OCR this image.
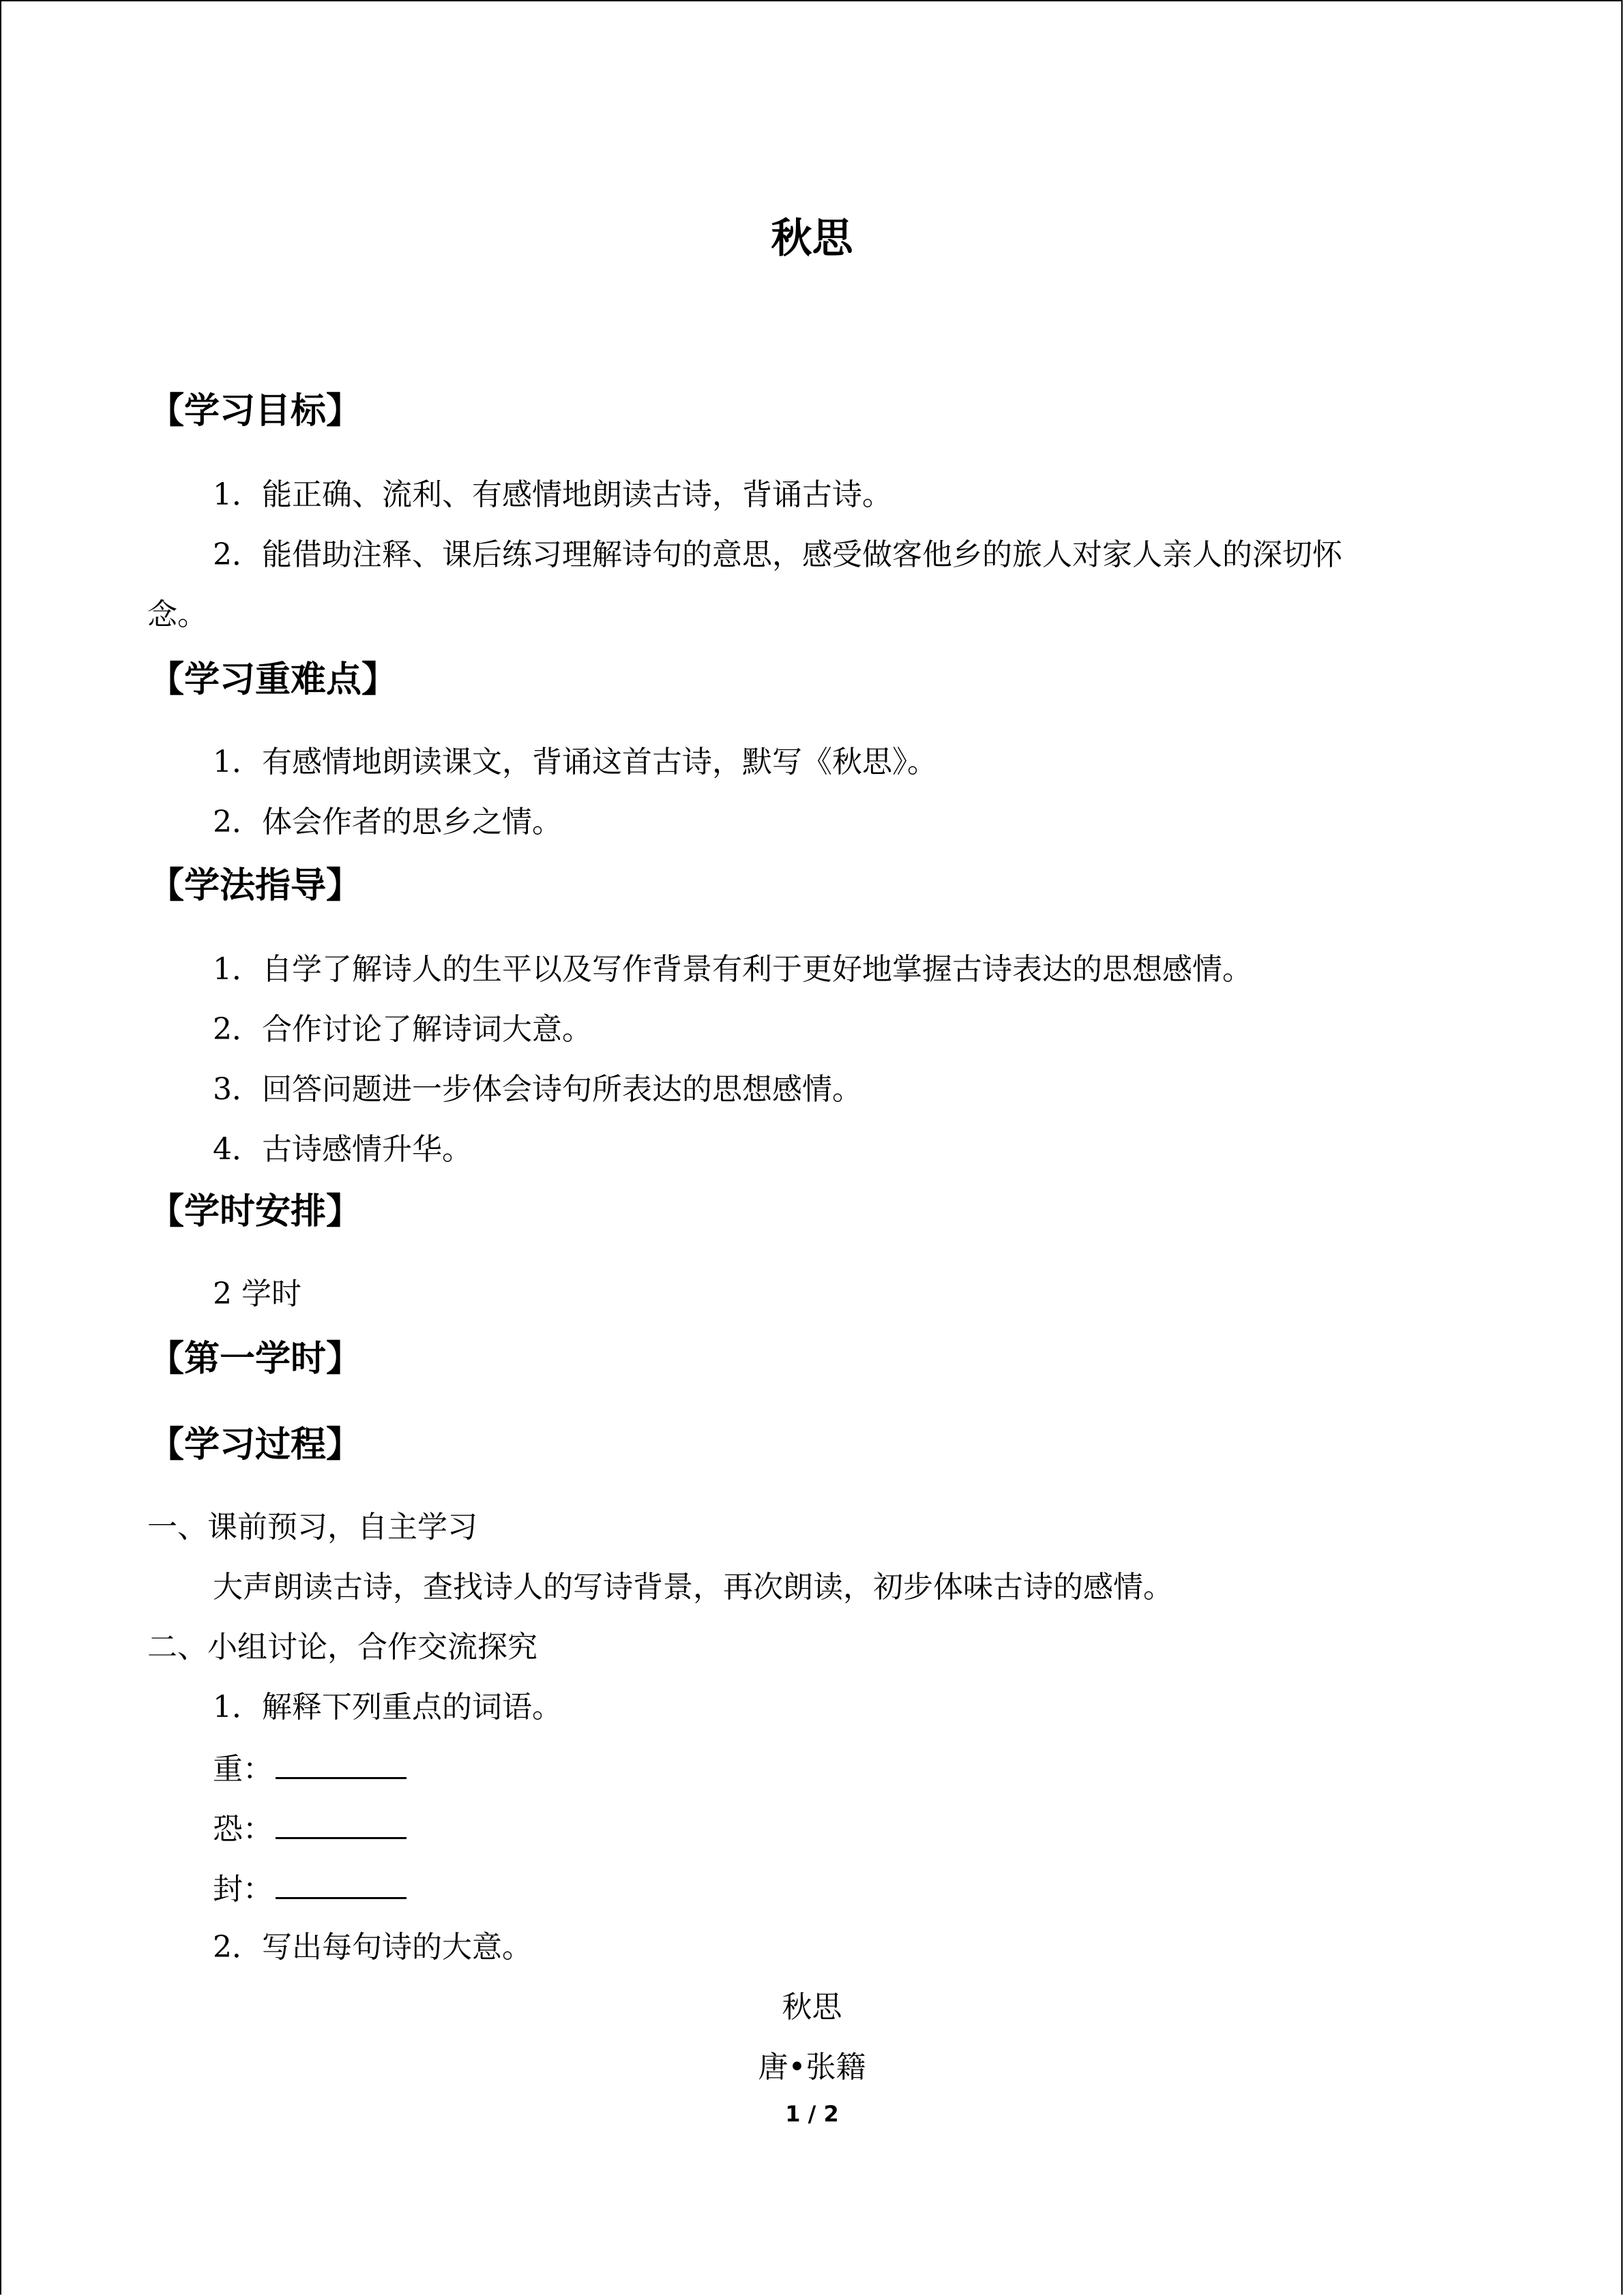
秋思
【学习目标】
1．能正确、流利、有感情地朗读古诗，背诵古诗。
2．能借助注释、课后练习理解诗句的意思，感受做客他乡的旅人对家人亲人的深切怀
念。
【学习重难点】
1．有感情地朗读课文，背诵这首古诗，默写《秋思》。
2．体会作者的思乡之情。
【学法指导】
1．自学了解诗人的生平以及写作背景有利于更好地掌握古诗表达的思想感情。
2．合作讨论了解诗词大意。
3．回答问题进一步体会诗句所表达的思想感情。
4．古诗感情升华。
【学时安排】
2 学时
【第一学时】
【学习过程】
一、课前预习，自主学习
大声朗读古诗，查找诗人的写诗背景，再次朗读，初步体味古诗的感情。
二、小组讨论，合作交流探究
1．解释下列重点的词语。
重：
恐：
封：
2．写出每句诗的大意。
秋思
唐•张籍
1 / 2
